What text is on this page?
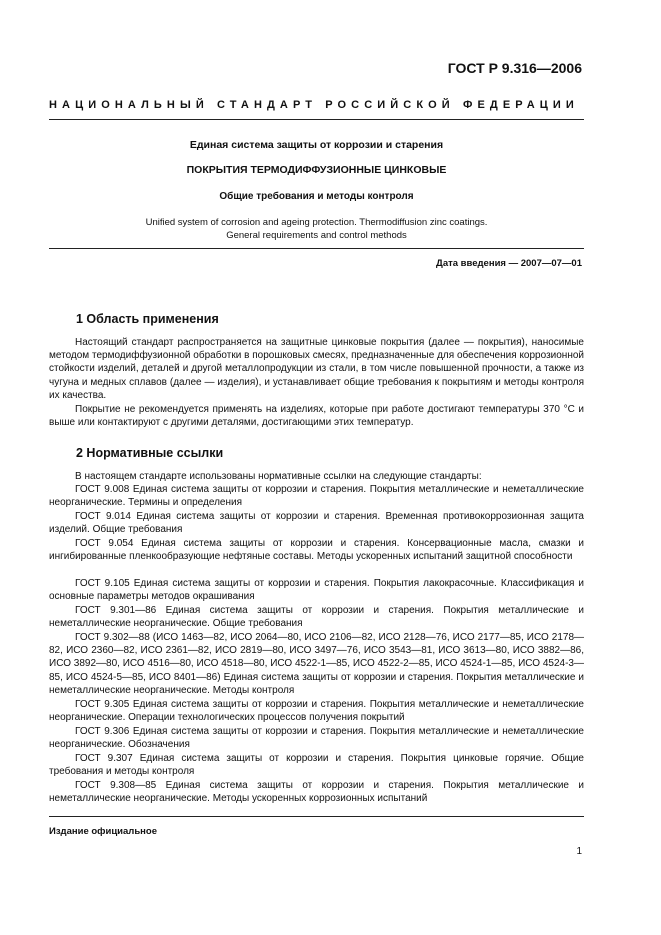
ГОСТ Р 9.316—2006
НАЦИОНАЛЬНЫЙ СТАНДАРТ РОССИЙСКОЙ ФЕДЕРАЦИИ
Единая система защиты от коррозии и старения
ПОКРЫТИЯ ТЕРМОДИФФУЗИОННЫЕ ЦИНКОВЫЕ
Общие требования и методы контроля
Unified system of corrosion and ageing protection. Thermodiffusion zinc coatings.
General requirements and control methods
Дата введения — 2007—07—01
1 Область применения
Настоящий стандарт распространяется на защитные цинковые покрытия (далее — покрытия), наносимые методом термодиффузионной обработки в порошковых смесях, предназначенные для обеспечения коррозионной стойкости изделий, деталей и другой металлопродукции из стали, в том числе повышенной прочности, а также из чугуна и медных сплавов (далее — изделия), и устанавливает общие требования к покрытиям и методы контроля их качества.
Покрытие не рекомендуется применять на изделиях, которые при работе достигают температуры 370 °С и выше или контактируют с другими деталями, достигающими этих температур.
2 Нормативные ссылки
В настоящем стандарте использованы нормативные ссылки на следующие стандарты:
ГОСТ 9.008 Единая система защиты от коррозии и старения. Покрытия металлические и неметаллические неорганические. Термины и определения
ГОСТ 9.014 Единая система защиты от коррозии и старения. Временная противокоррозионная защита изделий. Общие требования
ГОСТ 9.054 Единая система защиты от коррозии и старения. Консервационные масла, смазки и ингибированные пленкообразующие нефтяные составы. Методы ускоренных испытаний защитной способности
ГОСТ 9.105 Единая система защиты от коррозии и старения. Покрытия лакокрасочные. Классификация и основные параметры методов окрашивания
ГОСТ 9.301—86 Единая система защиты от коррозии и старения. Покрытия металлические и неметаллические неорганические. Общие требования
ГОСТ 9.302—88 (ИСО 1463—82, ИСО 2064—80, ИСО 2106—82, ИСО 2128—76, ИСО 2177—85, ИСО 2178—82, ИСО 2360—82, ИСО 2361—82, ИСО 2819—80, ИСО 3497—76, ИСО 3543—81, ИСО 3613—80, ИСО 3882—86, ИСО 3892—80, ИСО 4516—80, ИСО 4518—80, ИСО 4522-1—85, ИСО 4522-2—85, ИСО 4524-1—85, ИСО 4524-3—85, ИСО 4524-5—85, ИСО 8401—86) Единая система защиты от коррозии и старения. Покрытия металлические и неметаллические неорганические. Методы контроля
ГОСТ 9.305 Единая система защиты от коррозии и старения. Покрытия металлические и неметаллические неорганические. Операции технологических процессов получения покрытий
ГОСТ 9.306 Единая система защиты от коррозии и старения. Покрытия металлические и неметаллические неорганические. Обозначения
ГОСТ 9.307 Единая система защиты от коррозии и старения. Покрытия цинковые горячие. Общие требования и методы контроля
ГОСТ 9.308—85 Единая система защиты от коррозии и старения. Покрытия металлические и неметаллические неорганические. Методы ускоренных коррозионных испытаний
Издание официальное
1
